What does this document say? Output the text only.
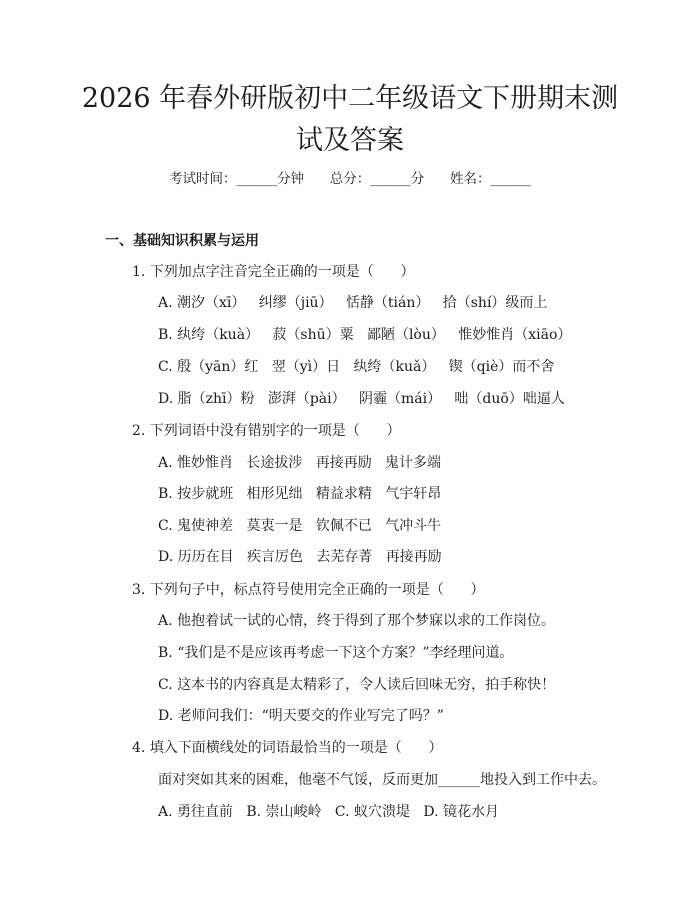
2026 年春外研版初中二年级语文下册期末测
试及答案
考试时间：______分钟      总分：______分      姓名：______
一、基础知识积累与运用
1. 下列加点字注音完全正确的一项是（      ）
A. 潮汐（xī）   纠缪（jiū）   恬静（tián）   拾（shí）级而上
B. 纨绔（kuà）   菽（shū）粟   鄙陋（lòu）   惟妙惟肖（xiāo）
C. 殷（yān）红   翌（yì）日   纨绔（kuǎ）   锲（qiè）而不舍
D. 脂（zhī）粉   澎湃（pài）   阴霾（mái）   咄（duō）咄逼人
2. 下列词语中没有错别字的一项是（      ）
A. 惟妙惟肖   长途拔涉   再接再励   鬼计多端
B. 按步就班   相形见绌   精益求精   气宇轩昂
C. 鬼使神差   莫衷一是   钦佩不已   气冲斗牛
D. 历历在目   疾言厉色   去芜存菁   再接再励
3. 下列句子中，标点符号使用完全正确的一项是（      ）
A. 他抱着试一试的心情，终于得到了那个梦寐以求的工作岗位。
B. “我们是不是应该再考虑一下这个方案？”李经理问道。
C. 这本书的内容真是太精彩了，令人读后回味无穷，拍手称快！
D. 老师问我们：“明天要交的作业写完了吗？”
4. 填入下面横线处的词语最恰当的一项是（      ）
面对突如其来的困难，他毫不气馁，反而更加______地投入到工作中去。
A. 勇往直前   B. 崇山峻岭   C. 蚁穴溃堤   D. 镜花水月
